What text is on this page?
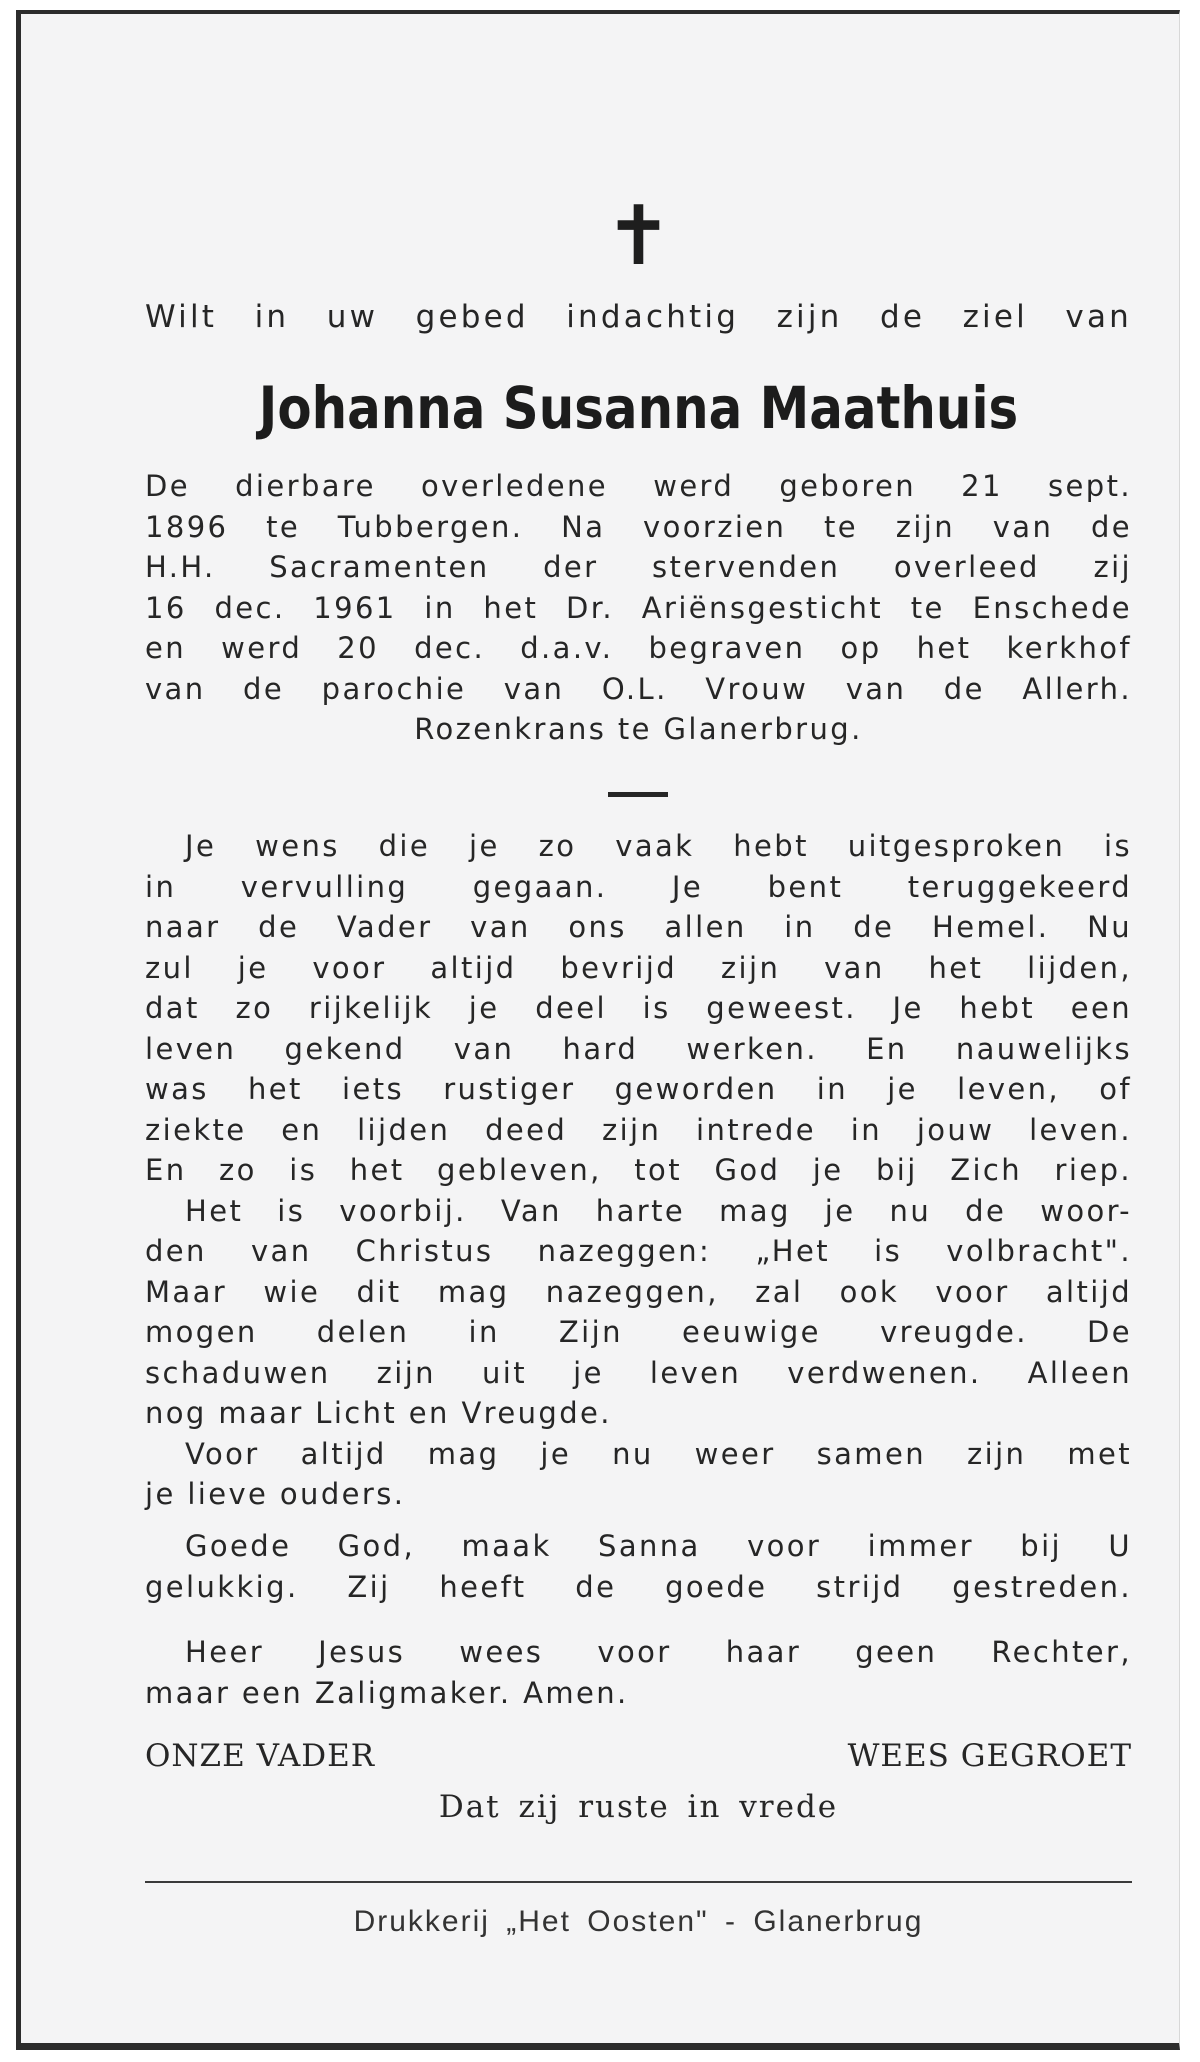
✝
Wilt in uw gebed indachtig zijn de ziel van
Johanna Susanna Maathuis
De dierbare overledene werd geboren 21 sept.
1896 te Tubbergen. Na voorzien te zijn van de
H.H. Sacramenten der stervenden overleed zij
16 dec. 1961 in het Dr. Ariënsgesticht te Enschede
en werd 20 dec. d.a.v. begraven op het kerkhof
van de parochie van O.L. Vrouw van de Allerh.
Rozenkrans te Glanerbrug.
Je wens die je zo vaak hebt uitgesproken is
in vervulling gegaan. Je bent teruggekeerd
naar de Vader van ons allen in de Hemel. Nu
zul je voor altijd bevrijd zijn van het lijden,
dat zo rijkelijk je deel is geweest. Je hebt een
leven gekend van hard werken. En nauwelijks
was het iets rustiger geworden in je leven, of
ziekte en lijden deed zijn intrede in jouw leven.
En zo is het gebleven, tot God je bij Zich riep.
Het is voorbij. Van harte mag je nu de woor-
den van Christus nazeggen: „Het is volbracht".
Maar wie dit mag nazeggen, zal ook voor altijd
mogen delen in Zijn eeuwige vreugde. De
schaduwen zijn uit je leven verdwenen. Alleen
nog maar Licht en Vreugde.
Voor altijd mag je nu weer samen zijn met
je lieve ouders.
Goede God, maak Sanna voor immer bij U
gelukkig. Zij heeft de goede strijd gestreden.
Heer Jesus wees voor haar geen Rechter,
maar een Zaligmaker. Amen.
ONZE VADER	WEES GEGROET
Dat zij ruste in vrede
Drukkerij „Het Oosten" - Glanerbrug
